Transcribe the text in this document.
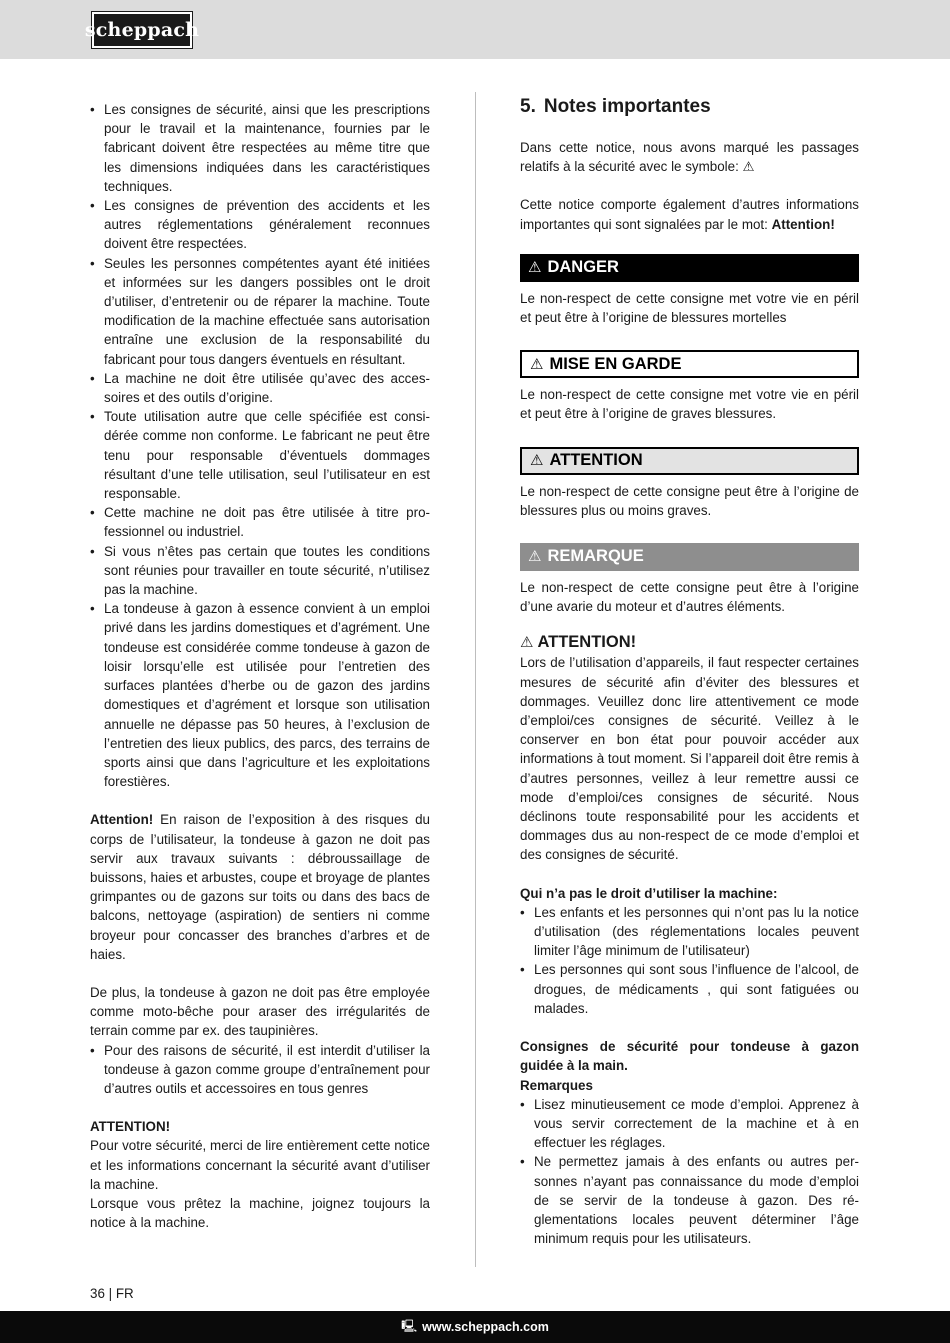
scheppach
• Les consignes de sécurité, ainsi que les prescriptions pour le travail et la maintenance, fournies par le fabricant doivent être respectées au même titre que les dimensions indiquées dans les caractéristiques techniques.
• Les consignes de prévention des accidents et les autres réglementations généralement reconnues doivent être respectées.
• Seules les personnes compétentes ayant été initiées et informées sur les dangers possibles ont le droit d’utiliser, d’entretenir ou de réparer la machine. Toute modification de la machine effectuée sans autorisation entraîne une exclusion de la responsabilité du fabricant pour tous dangers éventuels en résultant.
• La machine ne doit être utilisée qu’avec des accessoires et des outils d’origine.
• Toute utilisation autre que celle spécifiée est considérée comme non conforme. Le fabricant ne peut être tenu pour responsable d’éventuels dommages résultant d’une telle utilisation, seul l’utilisateur en est responsable.
• Cette machine ne doit pas être utilisée à titre professionnel ou industriel.
• Si vous n’êtes pas certain que toutes les conditions sont réunies pour travailler en toute sécurité, n’utilisez pas la machine.
• La tondeuse à gazon à essence convient à un emploi privé dans les jardins domestiques et d’agrément. Une tondeuse est considérée comme tondeuse à gazon de loisir lorsqu’elle est utilisée pour l’entretien des surfaces plantées d’herbe ou de gazon des jardins domestiques et d’agrément et lorsque son utilisation annuelle ne dépasse pas 50 heures, à l’exclusion de l’entretien des lieux publics, des parcs, des terrains de sports ainsi que dans l’agriculture et les exploitations forestières.

Attention! En raison de l’exposition à des risques du corps de l’utilisateur, la tondeuse à gazon ne doit pas servir aux travaux suivants : débroussaillage de buissons, haies et arbustes, coupe et broyage de plantes grimpantes ou de gazons sur toits ou dans des bacs de balcons, nettoyage (aspiration) de sentiers ni comme broyeur pour concasser des branches d’arbres et de haies.

De plus, la tondeuse à gazon ne doit pas être employée comme moto-bêche pour araser des irrégularités de terrain comme par ex. des taupinières.

• Pour des raisons de sécurité, il est interdit d’utiliser la tondeuse à gazon comme groupe d’entraînement pour d’autres outils et accessoires en tous genres

ATTENTION!

Pour votre sécurité, merci de lire entièrement cette notice et les informations concernant la sécurité avant d’utiliser la machine.

Lorsque vous prêtez la machine, joignez toujours la notice à la machine.

5. Notes importantes

Dans cette notice, nous avons marqué les passages relatifs à la sécurité avec le symbole: ⚠

Cette notice comporte également d’autres informations importantes qui sont signalées par le mot: Attention!

⚠ DANGER

Le non-respect de cette consigne met votre vie en péril et peut être à l’origine de blessures mortelles

⚠ MISE EN GARDE

Le non-respect de cette consigne met votre vie en péril et peut être à l’origine de graves blessures.

⚠ ATTENTION

Le non-respect de cette consigne peut être à l’origine de blessures plus ou moins graves.

⚠ REMARQUE

Le non-respect de cette consigne peut être à l’origine d’une avarie du moteur et d’autres éléments.

⚠ ATTENTION!

Lors de l’utilisation d’appareils, il faut respecter certaines mesures de sécurité afin d’éviter des blessures et dommages. Veuillez donc lire attentivement ce mode d’emploi/ces consignes de sécurité. Veillez à le conserver en bon état pour pouvoir accéder aux informations à tout moment. Si l’appareil doit être remis à d’autres personnes, veillez à leur remettre aussi ce mode d’emploi/ces consignes de sécurité. Nous déclinons toute responsabilité pour les accidents et dommages dus au non-respect de ce mode d’emploi et des consignes de sécurité.

Qui n’a pas le droit d’utiliser la machine:

• Les enfants et les personnes qui n’ont pas lu la notice d’utilisation (des réglementations locales peuvent limiter l’âge minimum de l’utilisateur)
• Les personnes qui sont sous l’influence de l’alcool, de drogues, de médicaments , qui sont fatiguées ou malades.

Consignes de sécurité pour tondeuse à gazon guidée à la main.

Remarques

• Lisez minutieusement ce mode d’emploi. Apprenez à vous servir correctement de la machine et à en effectuer les réglages.
• Ne permettez jamais à des enfants ou autres personnes n’ayant pas connaissance du mode d’emploi de se servir de la tondeuse à gazon. Des réglementations locales peuvent déterminer l’âge minimum requis pour les utilisateurs.
36 | FR
🖳 www.scheppach.com
